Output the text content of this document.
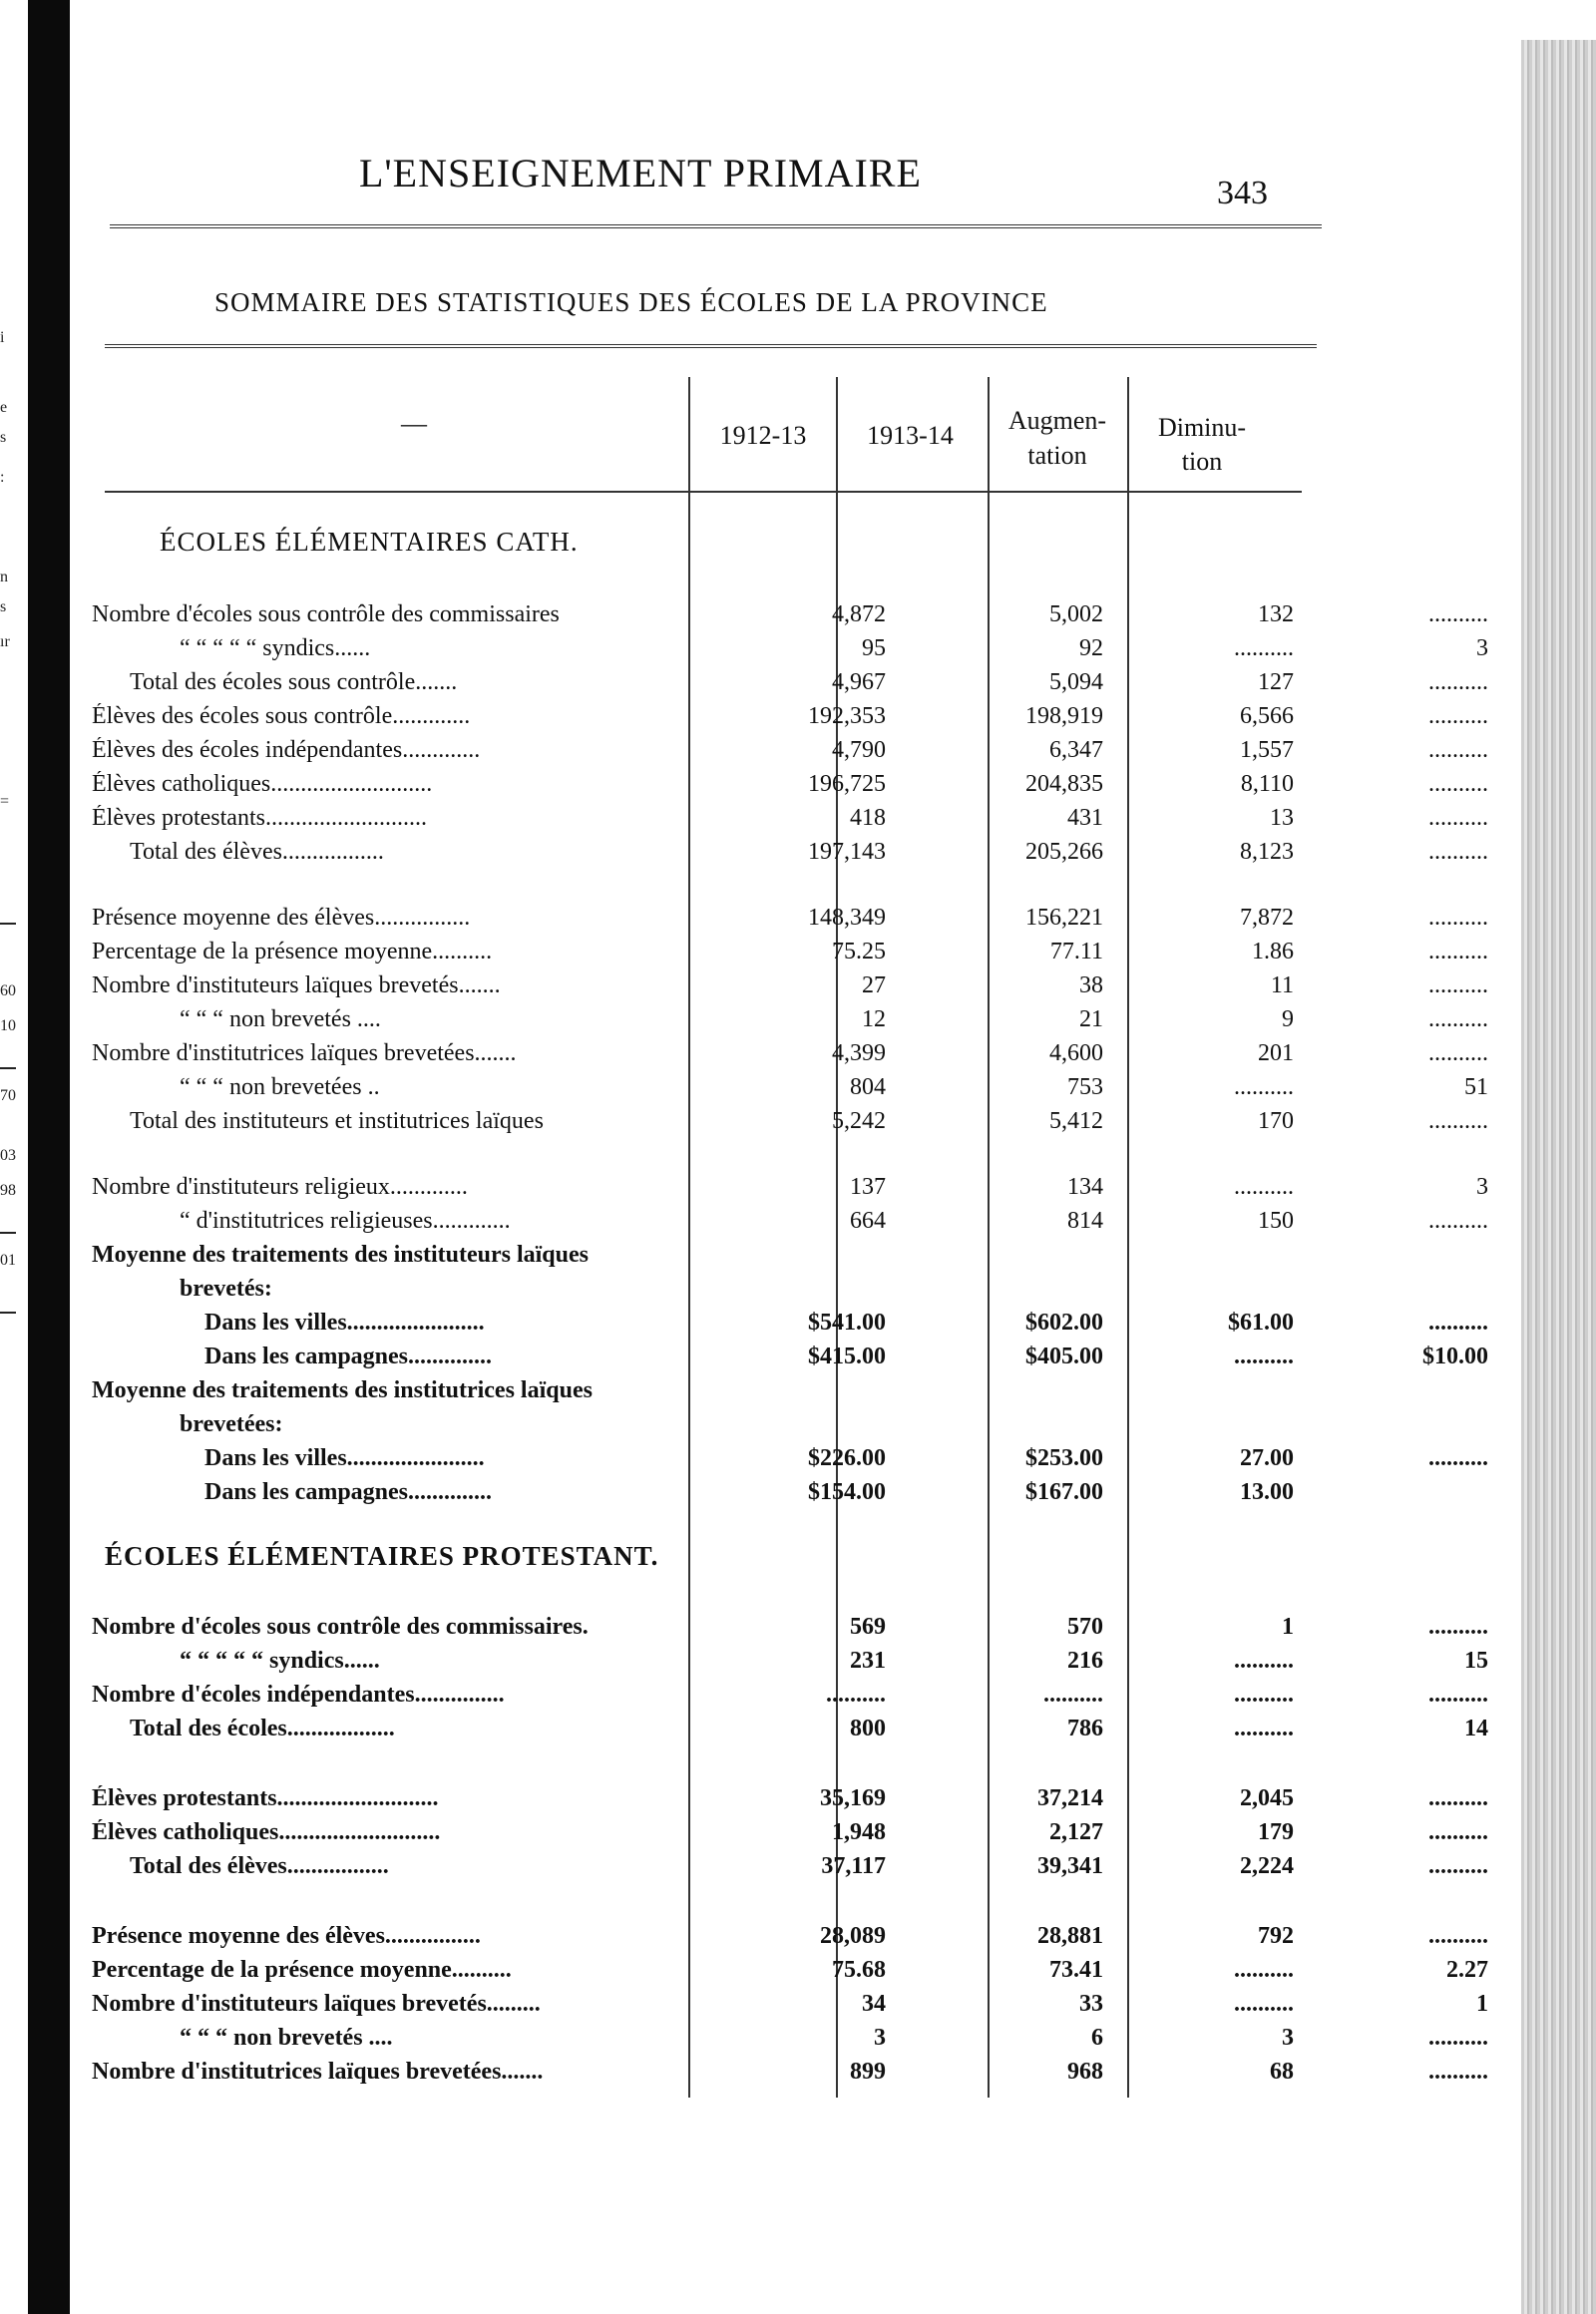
i
e
s
:
n
s
ır
=
60
10
70
03
98
01
L'ENSEIGNEMENT PRIMAIRE	343
SOMMAIRE DES STATISTIQUES DES ÉCOLES DE LA PROVINCE
1912-13	1913-14
Augmen-
tation
Diminu-
tion
—
ÉCOLES ÉLÉMENTAIRES CATH.
Nombre d'écoles sous contrôle des commissaires	4,872	5,002	132	..........
“ “ “ “ “ syndics......	95	92	..........	3
Total des écoles sous contrôle.......	4,967	5,094	127	..........
Élèves des écoles sous contrôle.............	192,353	198,919	6,566	..........
Élèves des écoles indépendantes.............	4,790	6,347	1,557	..........
Élèves catholiques...........................	196,725	204,835	8,110	..........
Élèves protestants...........................	418	431	13	..........
Total des élèves.................	197,143	205,266	8,123	..........
Présence moyenne des élèves................	148,349	156,221	7,872	..........
Percentage de la présence moyenne..........	75.25	77.11	1.86	..........
Nombre d'instituteurs laïques brevetés.......	27	38	11	..........
“ “ “ non brevetés ....	12	21	9	..........
Nombre d'institutrices laïques brevetées.......	4,399	4,600	201	..........
“ “ “ non brevetées ..	804	753	..........	51
Total des instituteurs et institutrices laïques	5,242	5,412	170	..........
Nombre d'instituteurs religieux.............	137	134	..........	3
“ d'institutrices religieuses.............	664	814	150	..........
Moyenne des traitements des instituteurs laïques
brevetés:
Dans les villes.......................	$541.00	$602.00	$61.00	..........
Dans les campagnes..............	$415.00	$405.00	..........	$10.00
Moyenne des traitements des institutrices laïques
brevetées:
Dans les villes.......................	$226.00	$253.00	27.00	..........
Dans les campagnes..............	$154.00	$167.00	13.00
Nombre d'écoles sous contrôle des commissaires.	569	570	1	..........
“ “ “ “ “ syndics......	231	216	..........	15
Nombre d'écoles indépendantes...............	..........	..........	..........	..........
Total des écoles..................	800	786	..........	14
Élèves protestants...........................	35,169	37,214	2,045	..........
Élèves catholiques...........................	1,948	2,127	179	..........
Total des élèves.................	37,117	39,341	2,224	..........
Présence moyenne des élèves................	28,089	28,881	792	..........
Percentage de la présence moyenne..........	75.68	73.41	..........	2.27
Nombre d'instituteurs laïques brevetés.........	34	33	..........	1
“ “ “ non brevetés ....	3	6	3	..........
Nombre d'institutrices laïques brevetées.......	899	968	68	..........
ÉCOLES ÉLÉMENTAIRES PROTESTANT.
